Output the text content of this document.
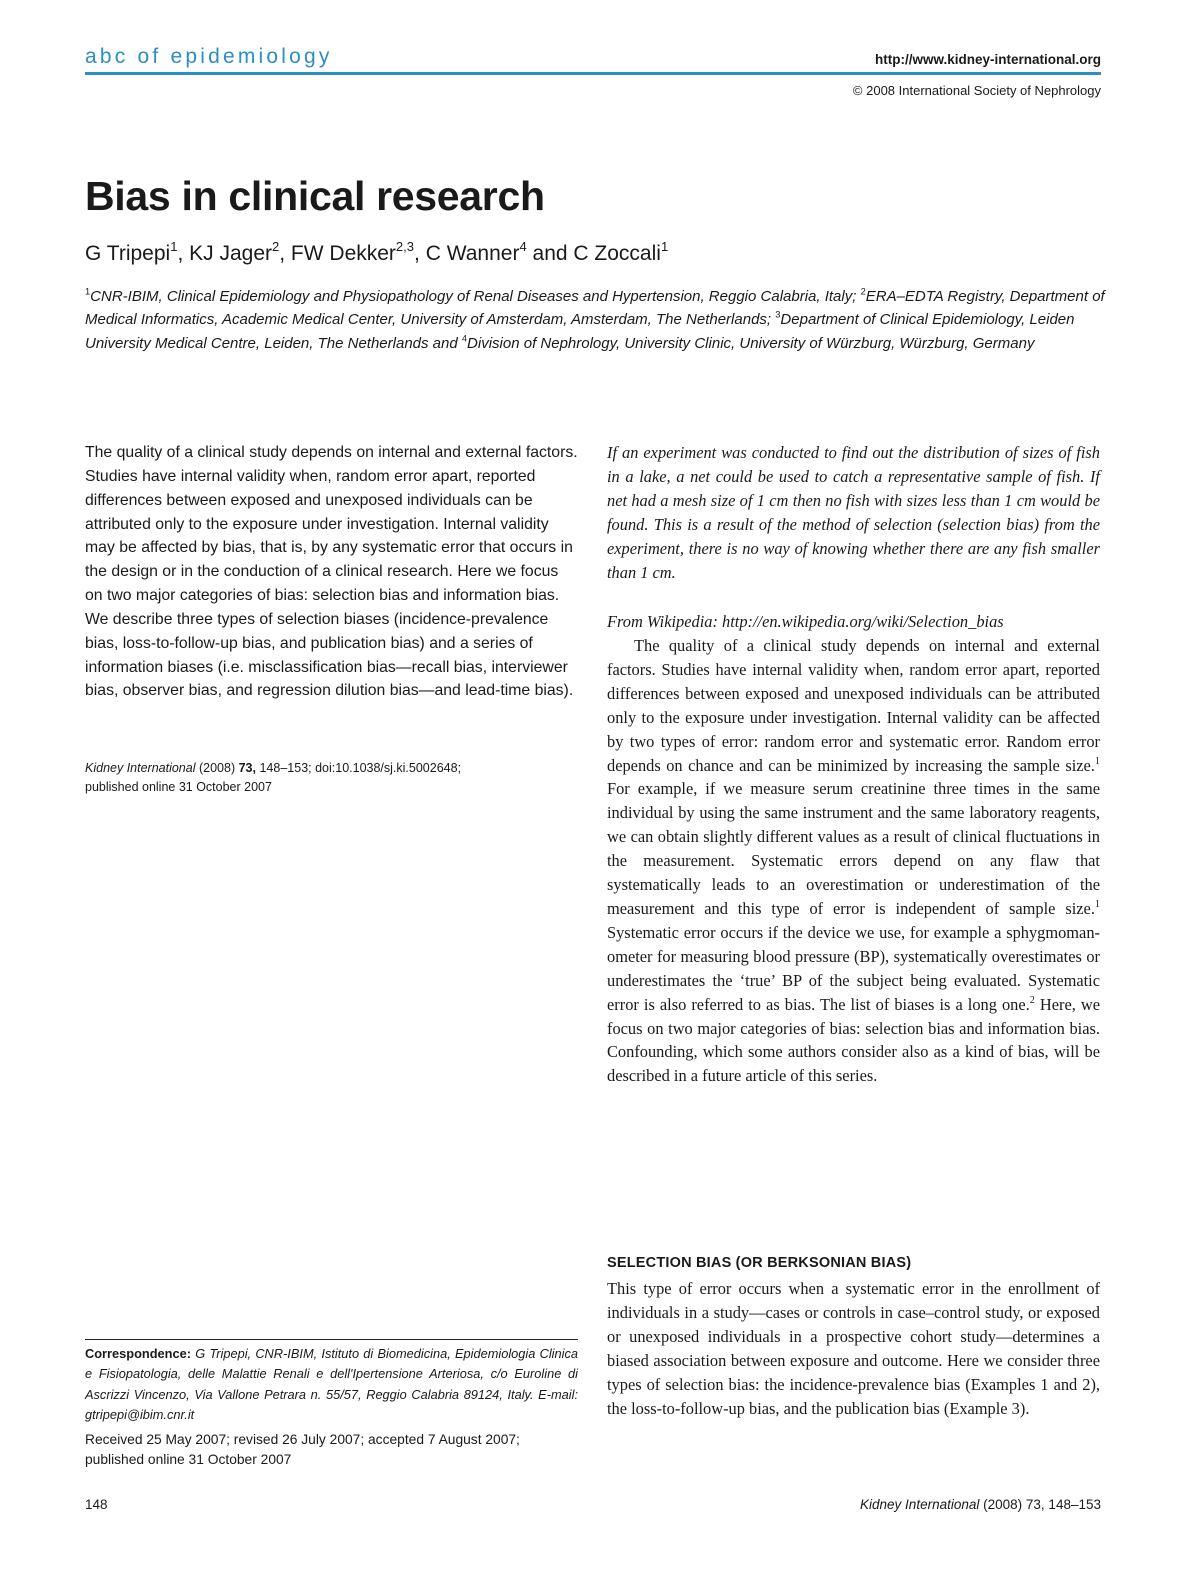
abc of epidemiology	http://www.kidney-international.org
© 2008 International Society of Nephrology
Bias in clinical research
G Tripepi$^1$, KJ Jager$^2$, FW Dekker$^{2,3}$, C Wanner$^4$ and C Zoccali$^1$
$^1$CNR-IBIM, Clinical Epidemiology and Physiopathology of Renal Diseases and Hypertension, Reggio Calabria, Italy; $^2$ERA–EDTA Registry, Department of Medical Informatics, Academic Medical Center, University of Amsterdam, Amsterdam, The Netherlands; $^3$Department of Clinical Epidemiology, Leiden University Medical Centre, Leiden, The Netherlands and $^4$Division of Nephrology, University Clinic, University of Würzburg, Würzburg, Germany

The quality of a clinical study depends on internal and external factors. Studies have internal validity when, random error apart, reported differences between exposed and unexposed individuals can be attributed only to the exposure under investigation. Internal validity may be affected by bias, that is, by any systematic error that occurs in the design or in the conduction of a clinical research. Here we focus on two major categories of bias: selection bias and information bias. We describe three types of selection biases (incidence-prevalence bias, loss-to-follow-up bias, and publication bias) and a series of information biases (i.e. misclassification bias—recall bias, interviewer bias, observer bias, and regression dilution bias—and lead-time bias).

Kidney International (2008) 73, 148–153; doi:10.1038/sj.ki.5002648;
published online 31 October 2007
If an experiment was conducted to find out the distribution of sizes of fish in a lake, a net could be used to catch a representative sample of fish. If net had a mesh size of 1 cm then no fish with sizes less than 1 cm would be found. This is a result of the method of selection (selection bias) from the experiment, there is no way of knowing whether there are any fish smaller than 1 cm.
From Wikipedia: http://en.wikipedia.org/wiki/Selection_bias

The quality of a clinical study depends on internal and external factors. Studies have internal validity when, random error apart, reported differences between exposed and unexposed individuals can be attributed only to the exposure under investigation. Internal validity can be affected by two types of error: random error and systematic error. Random error depends on chance and can be minimized by increasing the sample size.$^1$ For example, if we measure serum creatinine three times in the same individual by using the same instrument and the same laboratory reagents, we can obtain slightly different values as a result of clinical fluctuations in the measurement. Systematic errors depend on any flaw that systematically leads to an overestimation or underestimation of the measurement and this type of error is independent of sample size.$^1$ Systematic error occurs if the device we use, for example a sphygmoman-ometer for measuring blood pressure (BP), systematically overestimates or underestimates the ‘true’ BP of the subject being evaluated. Systematic error is also referred to as bias. The list of biases is a long one.$^2$ Here, we focus on two major categories of bias: selection bias and information bias. Confounding, which some authors consider also as a kind of bias, will be described in a future article of this series.

SELECTION BIAS (OR BERKSONIAN BIAS)

This type of error occurs when a systematic error in the enrollment of individuals in a study—cases or controls in case–control study, or exposed or unexposed individuals in a prospective cohort study—determines a biased association between exposure and outcome. Here we consider three types of selection bias: the incidence-prevalence bias (Examples 1 and 2), the loss-to-follow-up bias, and the publication bias (Example 3).

Correspondence: G Tripepi, CNR-IBIM, Istituto di Biomedicina, Epidemiologia Clinica e Fisiopatologia, delle Malattie Renali e dell'Ipertensione Arteriosa, c/o Euroline di Ascrizzi Vincenzo, Via Vallone Petrara n. 55/57, Reggio Calabria 89124, Italy. E-mail: gtripepi@ibim.cnr.it
Received 25 May 2007; revised 26 July 2007; accepted 7 August 2007; published online 31 October 2007
148	Kidney International (2008) 73, 148–153
